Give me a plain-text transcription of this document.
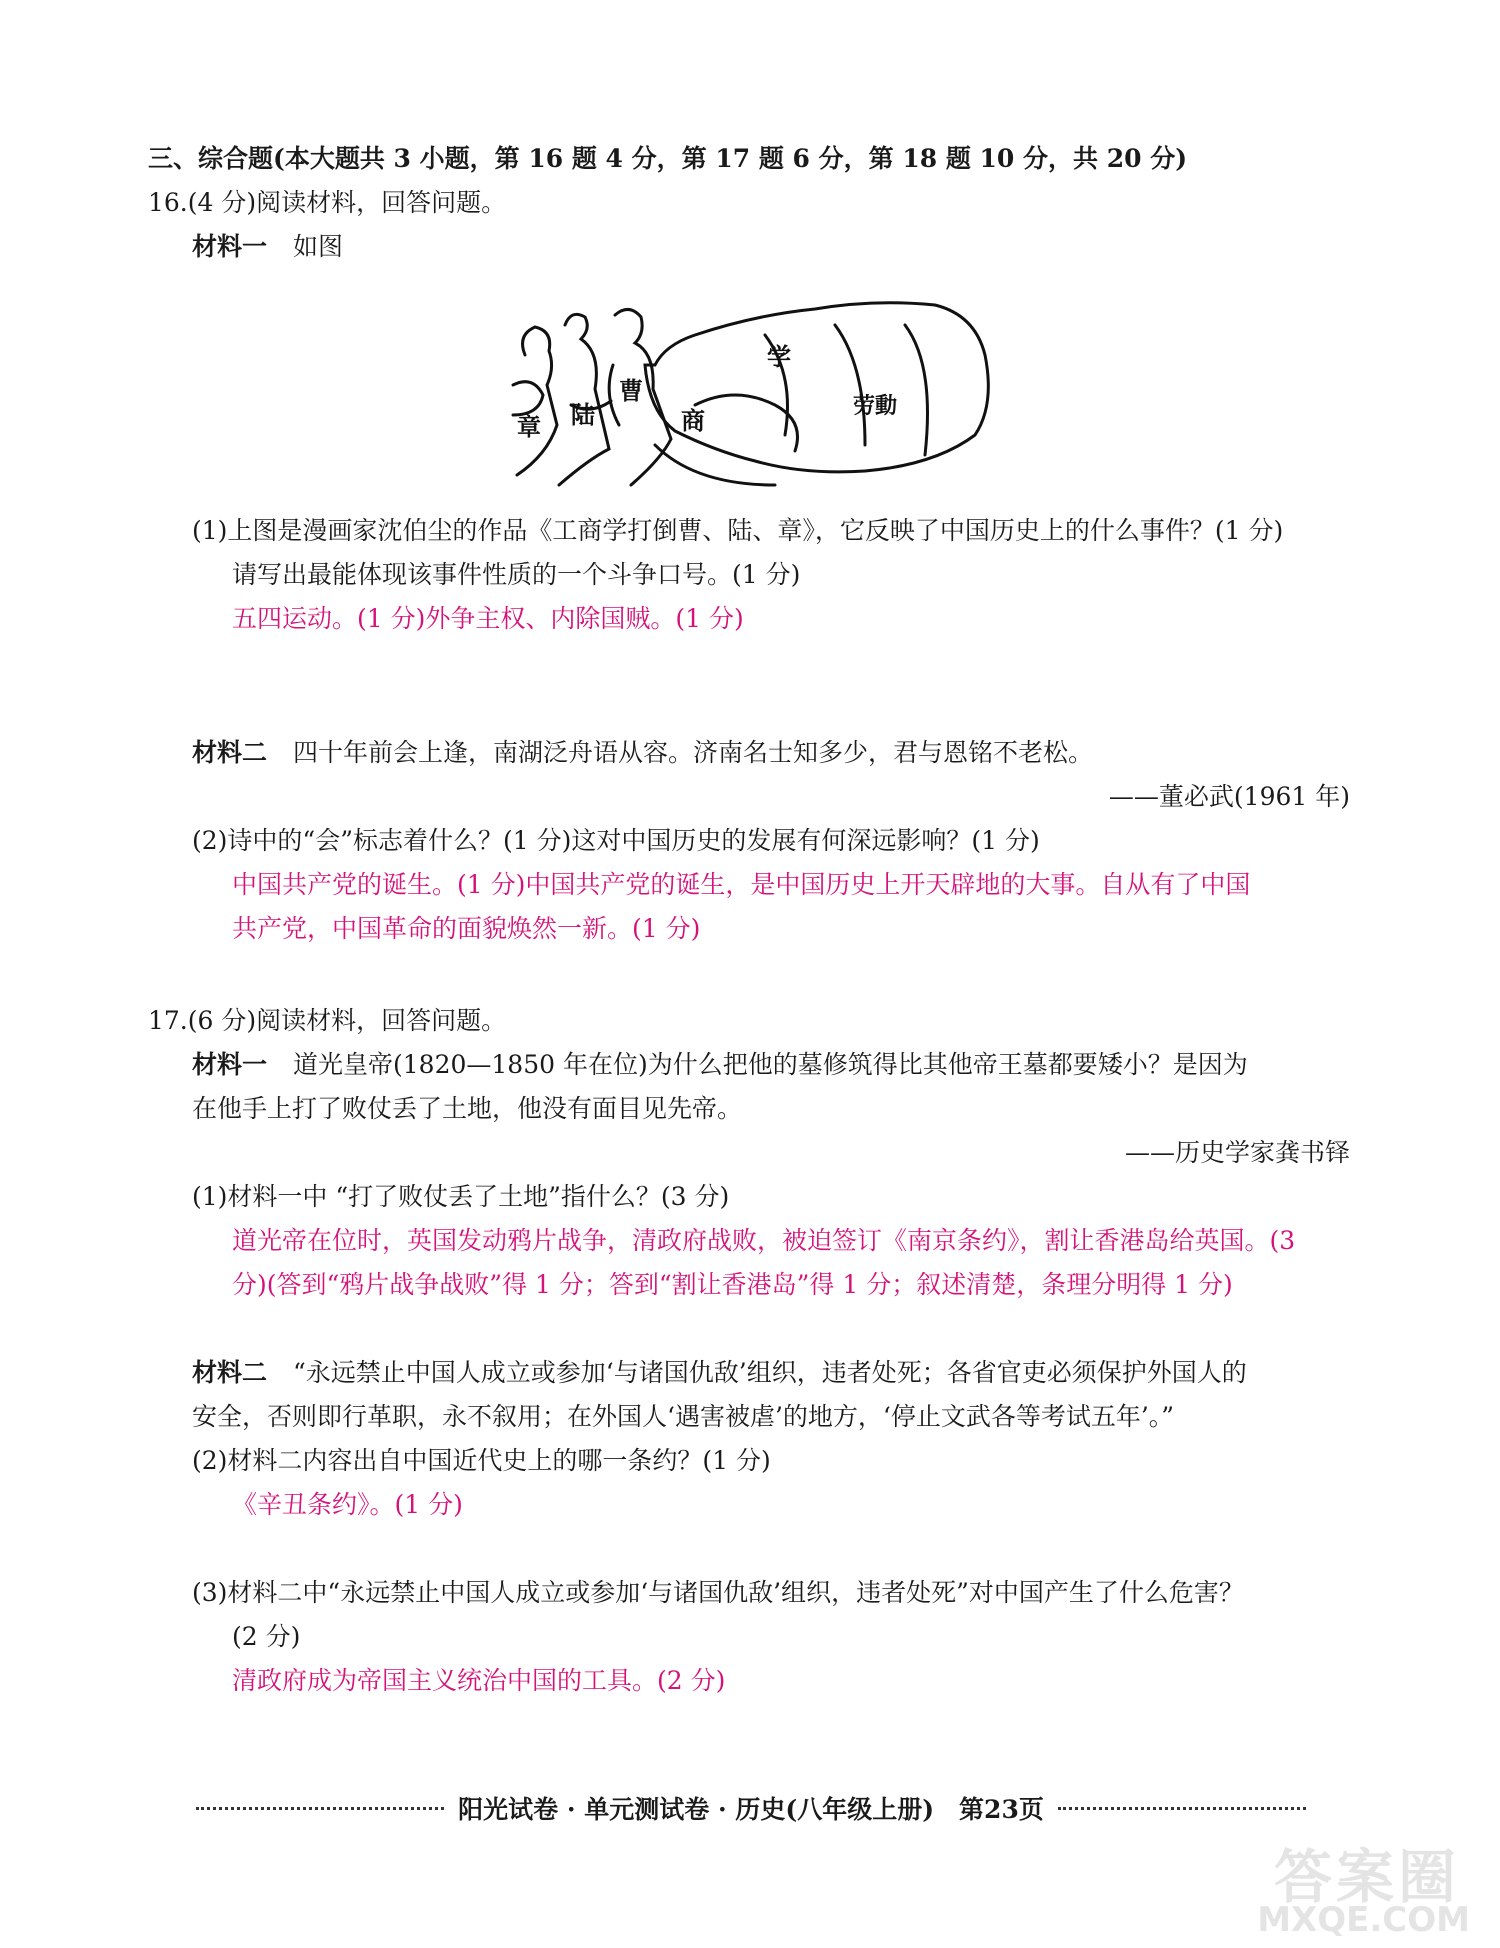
三、综合题(本大题共 3 小题，第 16 题 4 分，第 17 题 6 分，第 18 题 10 分，共 20 分)
16.(4 分)阅读材料，回答问题。
材料一 如图
章 陆
曹
商
学
劳動
(1)上图是漫画家沈伯尘的作品《工商学打倒曹、陆、章》，它反映了中国历史上的什么事件？(1 分)
请写出最能体现该事件性质的一个斗争口号。(1 分)
五四运动。(1 分)外争主权、内除国贼。(1 分)
材料二 四十年前会上逢，南湖泛舟语从容。济南名士知多少，君与恩铭不老松。
——董必武(1961 年)
(2)诗中的“会”标志着什么？(1 分)这对中国历史的发展有何深远影响？(1 分)
中国共产党的诞生。(1 分)中国共产党的诞生，是中国历史上开天辟地的大事。自从有了中国
共产党，中国革命的面貌焕然一新。(1 分)
17.(6 分)阅读材料，回答问题。
材料一 道光皇帝(1820—1850 年在位)为什么把他的墓修筑得比其他帝王墓都要矮小？是因为
在他手上打了败仗丢了土地，他没有面目见先帝。
——历史学家龚书铎
(1)材料一中 “打了败仗丢了土地”指什么？(3 分)
道光帝在位时，英国发动鸦片战争，清政府战败，被迫签订《南京条约》，割让香港岛给英国。(3
分)(答到“鸦片战争战败”得 1 分；答到“割让香港岛”得 1 分；叙述清楚，条理分明得 1 分)
材料二 “永远禁止中国人成立或参加‘与诸国仇敌’组织，违者处死；各省官吏必须保护外国人的
安全，否则即行革职，永不叙用；在外国人‘遇害被虐’的地方，‘停止文武各等考试五年’。”
(2)材料二内容出自中国近代史上的哪一条约？(1 分)
《辛丑条约》。(1 分)
(3)材料二中“永远禁止中国人成立或参加‘与诸国仇敌’组织，违者处死”对中国产生了什么危害？
(2 分)
清政府成为帝国主义统治中国的工具。(2 分)
阳光试卷 · 单元测试卷 · 历史(八年级上册)　第23页
答案圈
MXQE.COM
